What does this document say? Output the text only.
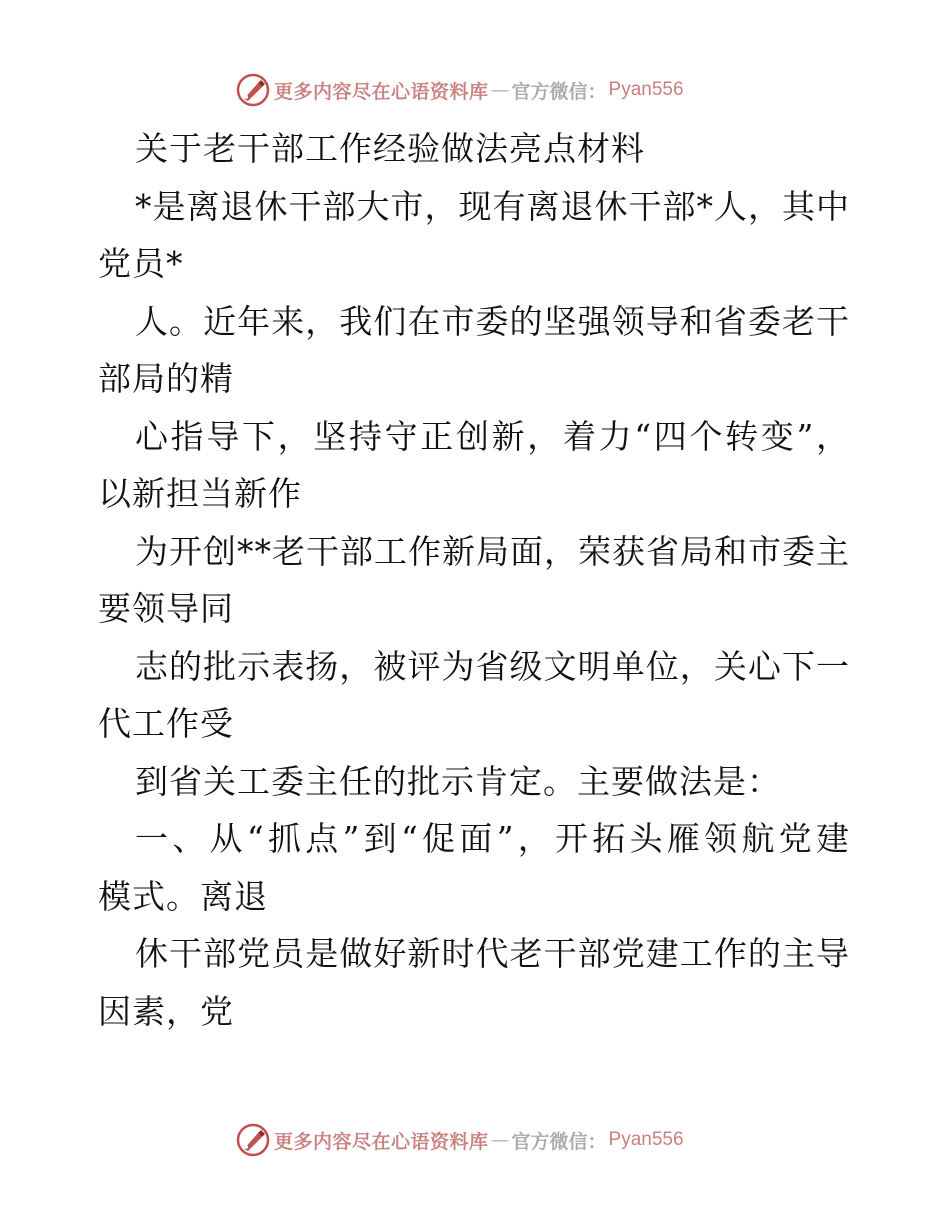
更多内容尽在心语资料库 — 官方微信： Pyan556
关于老干部工作经验做法亮点材料
*是离退休干部大市，现有离退休干部*人，其中
党员*
人。近年来，我们在市委的坚强领导和省委老干
部局的精
心指导下，坚持守正创新，着力“四个转变”，
以新担当新作
为开创**老干部工作新局面，荣获省局和市委主
要领导同
志的批示表扬，被评为省级文明单位，关心下一
代工作受
到省关工委主任的批示肯定。主要做法是：
一、从“抓点”到“促面”，开拓头雁领航党建
模式。离退
休干部党员是做好新时代老干部党建工作的主导
因素，党
更多内容尽在心语资料库 — 官方微信： Pyan556
